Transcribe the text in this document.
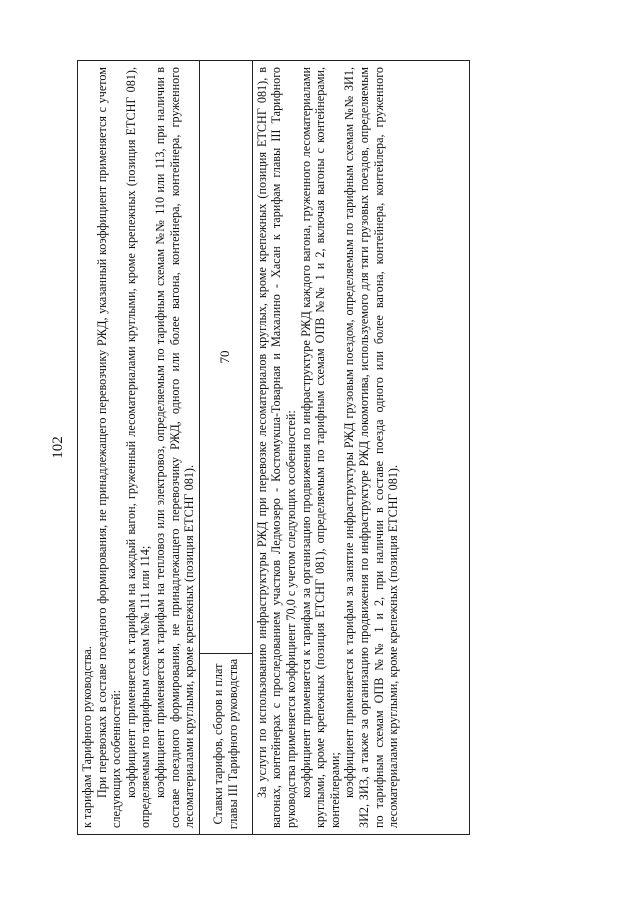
102

к тарифам Тарифного руководства. При перевозках в составе поездного формирования, не принадлежащего перевозчику РЖД, указанный коэффициент применяется с учетом следующих особенностей: коэффициент применяется к тарифам на каждый вагон, груженный лесоматериалами круглыми, кроме крепежных (позиция ЕТСНГ 081), определяемым по тарифным схемам №№ 111 или 114; коэффициент применяется к тарифам на тепловоз или электровоз, определяемым по тарифным схемам №№ 110 или 113, при наличии в составе поездного формирования, не принадлежащего перевозчику РЖД, одного или более вагона, контейнера, контейнера, груженного лесоматериалами круглыми, кроме крепежных (позиция ЕТСНГ 081).	Ставки тарифов, сборов и плат главы III Тарифного руководства
70	За услуги по использованию инфраструктуры РЖД при перевозке лесоматериалов круглых, кроме крепежных (позиция ЕТСНГ 081), в вагонах, контейнерах с проследованием участков Ледмозеро - Костомукша-Товарная и Махалино - Хасан к тарифам главы III Тарифного руководства применяется коэффициент 70,0 с учетом следующих особенностей: коэффициент применяется к тарифам за организацию продвижения по инфраструктуре РЖД каждого вагона, груженного лесоматериалами круглыми, кроме крепежных (позиция ЕТСНГ 081), определяемым по тарифным схемам ОПВ №№ 1 и 2, включая вагоны с контейнерами, контейлерами; коэффициент применяется к тарифам за занятие инфраструктуры РЖД грузовым поездом, определяемым по тарифным схемам №№ ЗИ1, ЗИ2, ЗИ3, а также за организацию продвижения по инфраструктуре РЖД локомотива, используемого для тяги грузовых поездов, определяемым по тарифным схемам ОПВ №№ 1 и 2, при наличии в составе поезда одного или более вагона, контейнера, контейлера, груженного лесоматериалами круглыми, кроме крепежных (позиция ЕТСНГ 081).
